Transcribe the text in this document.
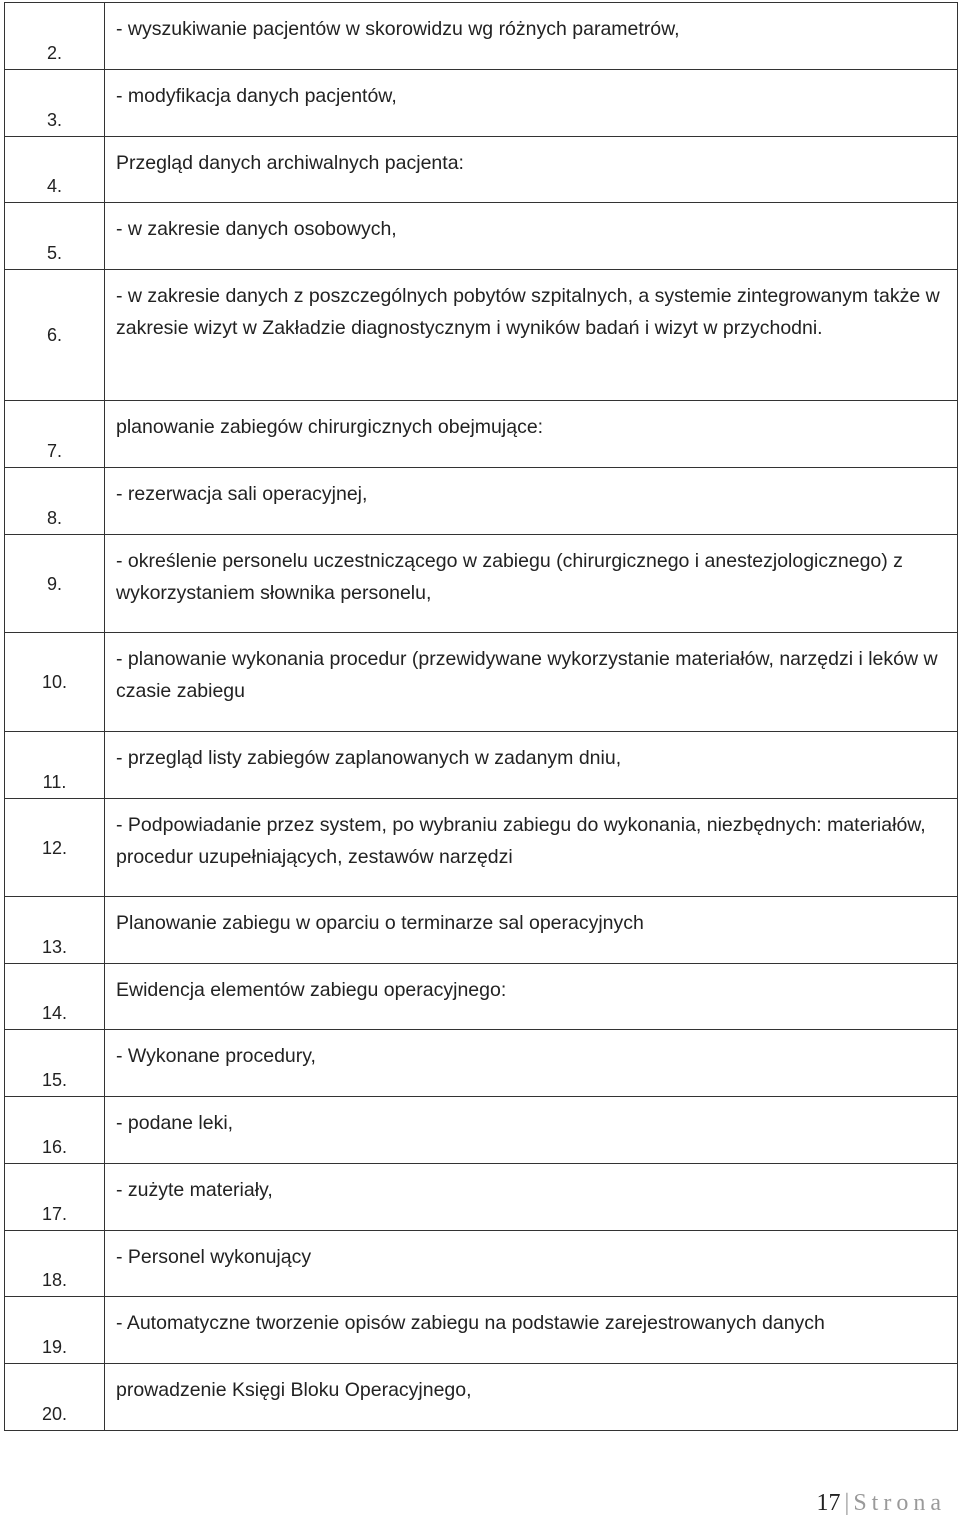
2.	- wyszukiwanie pacjentów w skorowidzu wg różnych parametrów,
3.	- modyfikacja danych pacjentów,
4.	Przegląd danych archiwalnych pacjenta:
5.	- w zakresie danych osobowych,
6.	- w zakresie danych z poszczególnych pobytów szpitalnych, a systemie zintegrowanym także w zakresie wizyt w Zakładzie diagnostycznym i wyników badań i wizyt w przychodni.
7.	planowanie zabiegów chirurgicznych obejmujące:
8.	- rezerwacja sali operacyjnej,
9.	- określenie personelu uczestniczącego w zabiegu (chirurgicznego i anestezjologicznego) z wykorzystaniem słownika personelu,
10.	- planowanie wykonania procedur (przewidywane wykorzystanie materiałów, narzędzi i leków w czasie zabiegu
11.	- przegląd listy zabiegów zaplanowanych w zadanym dniu,
12.	- Podpowiadanie przez system, po wybraniu zabiegu do wykonania, niezbędnych: materiałów, procedur uzupełniających, zestawów narzędzi
13.	Planowanie zabiegu w oparciu o terminarze sal operacyjnych
14.	Ewidencja elementów zabiegu operacyjnego:
15.	- Wykonane procedury,
16.	- podane leki,
17.	- zużyte materiały,
18.	- Personel wykonujący
19.	- Automatyczne tworzenie opisów zabiegu na podstawie zarejestrowanych danych
20.	prowadzenie Księgi Bloku Operacyjnego,
17 | Strona
